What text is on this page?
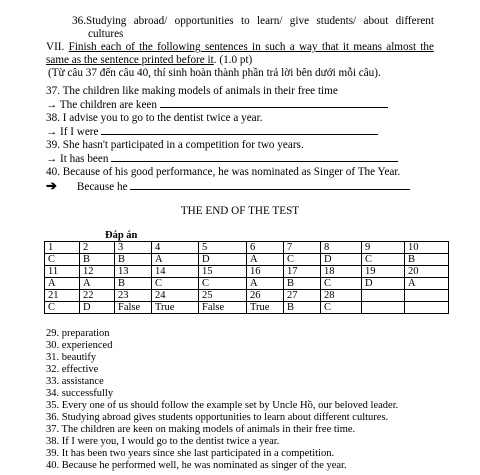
36.Studying abroad/ opportunities to learn/ give students/ about different
cultures
VII. Finish each of the following sentences in such a way that it means almost the
same as the sentence printed before it. (1.0 pt)
(Từ câu 37 đến câu 40, thí sinh hoàn thành phần trả lời bên dưới mỗi câu).
37. The children like making models of animals in their free time
→ The children are keen
38. I advise you to go to the dentist twice a year.
→ If I were
39. She hasn't participated in a competition for two years.
→ It has been
40. Because of his good performance, he was nominated as Singer of The Year.
➔ Because he
THE END OF THE TEST
Đáp án
1	2	3	4	5	6	7	8	9	10
C	B	B	A	D	A	C	D	C	B
11	12	13	14	15	16	17	18	19	20
A	A	B	C	C	A	B	C	D	A
21	22	23	24	25	26	27	28		
C	D	False	True	False	True	B	C		
29. preparation
30. experienced
31. beautify
32. effective
33. assistance
34. successfully
35. Every one of us should follow the example set by Uncle Hồ, our beloved leader.
36. Studying abroad gives students opportunities to learn about different cultures.
37. The children are keen on making models of animals in their free time.
38. If I were you, I would go to the dentist twice a year.
39. It has been two years since she last participated in a competition.
40. Because he performed well, he was nominated as singer of the year.
